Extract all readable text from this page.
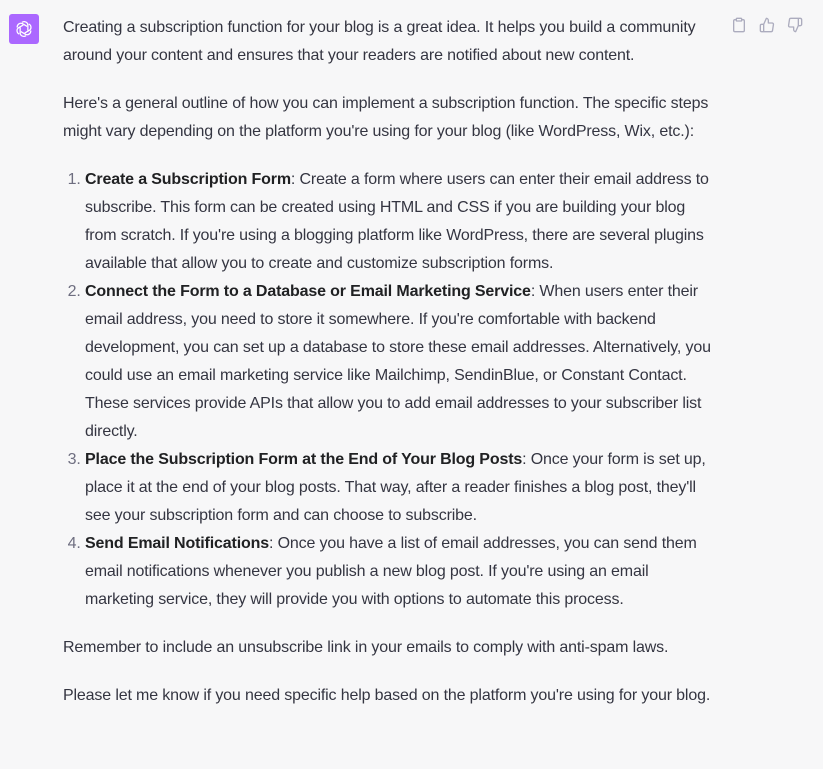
Creating a subscription function for your blog is a great idea. It helps you build a community around your content and ensures that your readers are notified about new content.

Here's a general outline of how you can implement a subscription function. The specific steps might vary depending on the platform you're using for your blog (like WordPress, Wix, etc.):

1. Create a Subscription Form: Create a form where users can enter their email address to subscribe. This form can be created using HTML and CSS if you are building your blog from scratch. If you're using a blogging platform like WordPress, there are several plugins available that allow you to create and customize subscription forms.
2. Connect the Form to a Database or Email Marketing Service: When users enter their email address, you need to store it somewhere. If you're comfortable with backend development, you can set up a database to store these email addresses. Alternatively, you could use an email marketing service like Mailchimp, SendinBlue, or Constant Contact. These services provide APIs that allow you to add email addresses to your subscriber list directly.
3. Place the Subscription Form at the End of Your Blog Posts: Once your form is set up, place it at the end of your blog posts. That way, after a reader finishes a blog post, they'll see your subscription form and can choose to subscribe.
4. Send Email Notifications: Once you have a list of email addresses, you can send them email notifications whenever you publish a new blog post. If you're using an email marketing service, they will provide you with options to automate this process.

Remember to include an unsubscribe link in your emails to comply with anti-spam laws.

Please let me know if you need specific help based on the platform you're using for your blog.
